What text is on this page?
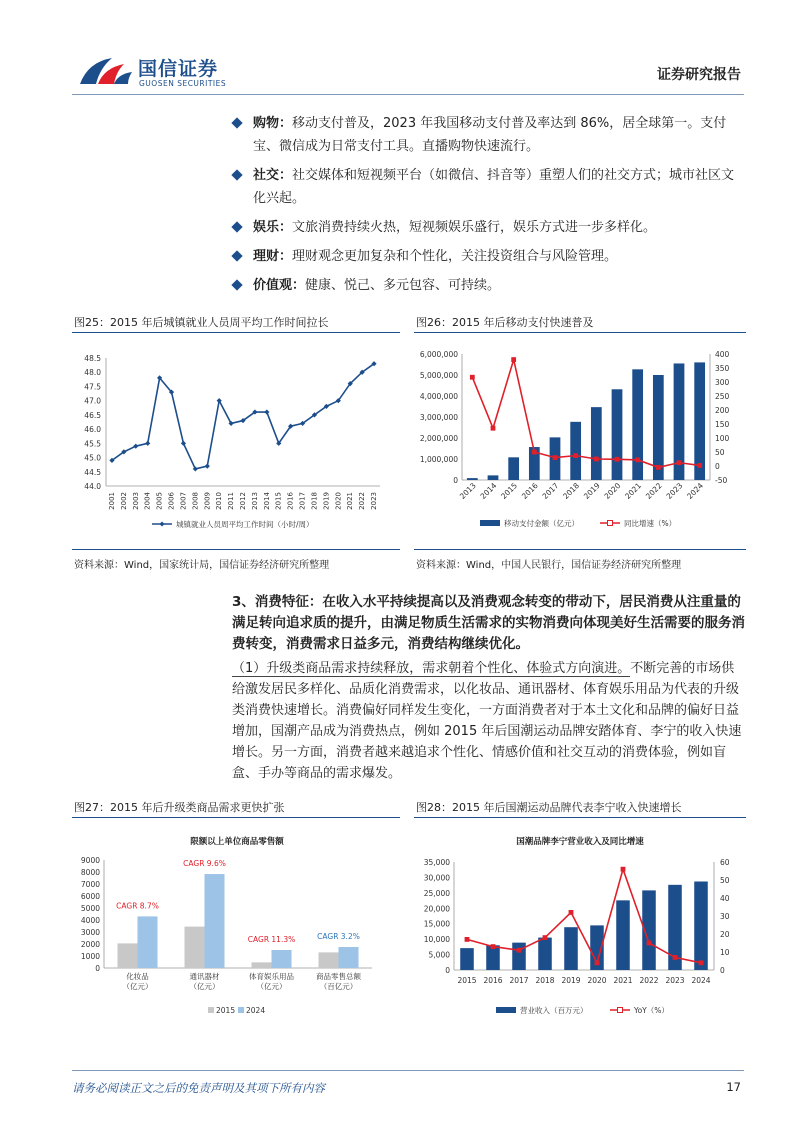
国信证券
GUOSEN SECURITIES
证券研究报告
购物：移动支付普及，2023 年我国移动支付普及率达到 86%，居全球第一。支付宝、微信成为日常支付工具。直播购物快速流行。
社交：社交媒体和短视频平台（如微信、抖音等）重塑人们的社交方式；城市社区文化兴起。
娱乐：文旅消费持续火热，短视频娱乐盛行，娱乐方式进一步多样化。
理财：理财观念更加复杂和个性化，关注投资组合与风险管理。
价值观：健康、悦己、多元包容、可持续。
图25：2015 年后城镇就业人员周平均工作时间拉长	图26：2015 年后移动支付快速普及
48.5
48.0
47.5
47.0
46.5
46.0
45.5
45.0
44.5
44.0
2001 2002 2003 2004 2005 2006 2007 2008 2009 2010 2011 2012 2013 2014 2015 2016 2017 2018 2019 2020 2021 2022 2023
城镇就业人员周平均工作时间（小时/周）
6,000,000
5,000,000
4,000,000
3,000,000
2,000,000
1,000,000
0
400
350
300
250
200
150
100
50
0
-50
2013 2014 2015 2016 2017 2018 2019 2020 2021 2022 2023 2024
移动支付金额（亿元）	同比增速（%）
资料来源：Wind，国家统计局，国信证券经济研究所整理	资料来源：Wind，中国人民银行，国信证券经济研究所整理
3、消费特征：在收入水平持续提高以及消费观念转变的带动下，居民消费从注重量的满足转向追求质的提升，由满足物质生活需求的实物消费向体现美好生活需要的服务消费转变，消费需求日益多元，消费结构继续优化。
（1）升级类商品需求持续释放，需求朝着个性化、体验式方向演进。不断完善的市场供给激发居民多样化、品质化消费需求，以化妆品、通讯器材、体育娱乐用品为代表的升级类消费快速增长。消费偏好同样发生变化，一方面消费者对于本土文化和品牌的偏好日益增加，国潮产品成为消费热点，例如 2015 年后国潮运动品牌安踏体育、李宁的收入快速增长。另一方面，消费者越来越追求个性化、情感价值和社交互动的消费体验，例如盲盒、手办等商品的需求爆发。
图27：2015 年后升级类商品需求更快扩张	图28：2015 年后国潮运动品牌代表李宁收入快速增长
限额以上单位商品零售额
9000
8000
7000
6000
5000
4000
3000
2000
1000
0
CAGR 8.7%
化妆品
（亿元）
CAGR 9.6%
通讯器材
（亿元）
CAGR 11.3%
体育娱乐用品
（亿元）
CAGR 3.2%
商品零售总额
（百亿元）
2015 2024
国潮品牌李宁营业收入及同比增速
35,000
30,000
25,000
20,000
15,000
10,000
5,000
0
60
50
40
30
20
10
0
2015 2016 2017 2018 2019 2020 2021 2022 2023 2024
营业收入（百万元）	YoY（%）
请务必阅读正文之后的免责声明及其项下所有内容	17
